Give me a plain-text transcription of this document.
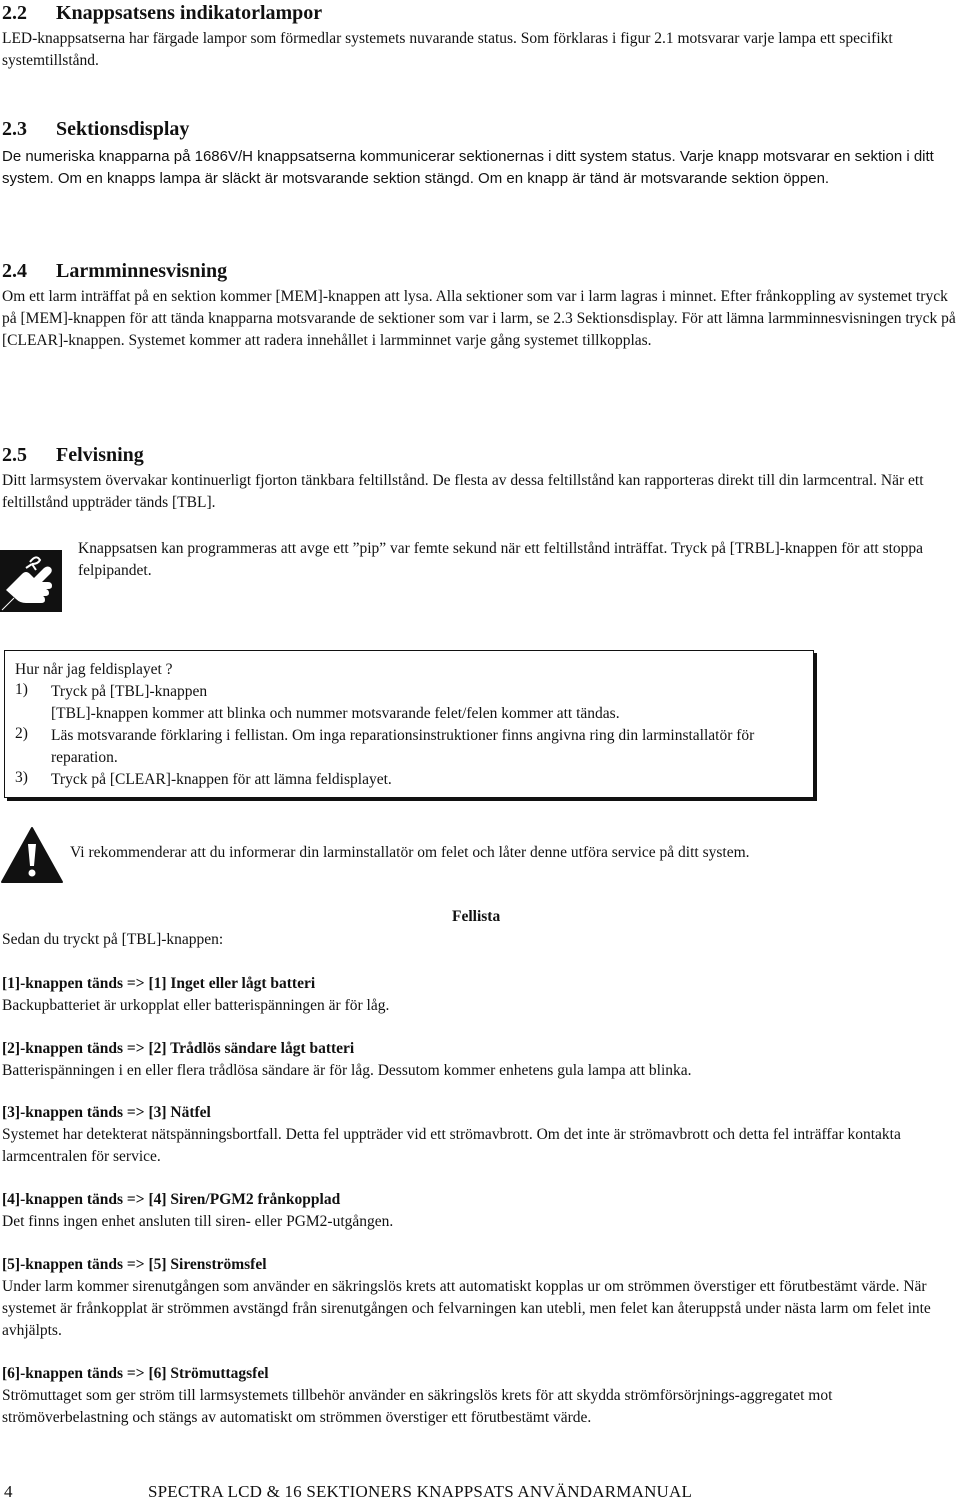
2.2 Knappsatsens indikatorlampor

LED-knappsatserna har färgade lampor som förmedlar systemets nuvarande status. Som förklaras i figur 2.1 motsvarar varje lampa ett specifikt systemtillstånd.

2.3 Sektionsdisplay

De numeriska knapparna på 1686V/H knappsatserna kommunicerar sektionernas i ditt system status. Varje knapp motsvarar en sektion i ditt system. Om en knapps lampa är släckt är motsvarande sektion stängd. Om en knapp är tänd är motsvarande sektion öppen.

2.4 Larmminnesvisning

Om ett larm inträffat på en sektion kommer [MEM]-knappen att lysa. Alla sektioner som var i larm lagras i minnet. Efter frånkoppling av systemet tryck på [MEM]-knappen för att tända knapparna motsvarande de sektioner som var i larm, se 2.3 Sektionsdisplay. För att lämna larmminnesvisningen tryck på [CLEAR]-knappen. Systemet kommer att radera innehållet i larmminnet varje gång systemet tillkopplas.

2.5 Felvisning

Ditt larmsystem övervakar kontinuerligt fjorton tänkbara feltillstånd. De flesta av dessa feltillstånd kan rapporteras direkt till din larmcentral. När ett feltillstånd uppträder tänds [TBL].

Knappsatsen kan programmeras att avge ett ”pip” var femte sekund när ett feltillstånd inträffat. Tryck på [TRBL]-knappen för att stoppa felpipandet.

Hur når jag feldisplayet ?

1)	Tryck på [TBL]-knappen

[TBL]-knappen kommer att blinka och nummer motsvarande felet/felen kommer att tändas.

2)	Läs motsvarande förklaring i fellistan. Om inga reparationsinstruktioner finns angivna ring din larminstallatör för reparation.

3)	Tryck på [CLEAR]-knappen för att lämna feldisplayet.

Vi rekommenderar att du informerar din larminstallatör om felet och låter denne utföra service på ditt system.

Fellista

Sedan du tryckt på [TBL]-knappen:

[1]-knappen tänds => [1] Inget eller lågt batteri

Backupbatteriet är urkopplat eller batterispänningen är för låg.

[2]-knappen tänds => [2] Trådlös sändare lågt batteri

Batterispänningen i en eller flera trådlösa sändare är för låg. Dessutom kommer enhetens gula lampa att blinka.

[3]-knappen tänds => [3] Nätfel

Systemet har detekterat nätspänningsbortfall. Detta fel uppträder vid ett strömavbrott. Om det inte är strömavbrott och detta fel inträffar kontakta larmcentralen för service.

[4]-knappen tänds => [4] Siren/PGM2 frånkopplad

Det finns ingen enhet ansluten till siren- eller PGM2-utgången.

[5]-knappen tänds => [5] Sirenströmsfel

Under larm kommer sirenutgången som använder en säkringslös krets att automatiskt kopplas ur om strömmen överstiger ett förutbestämt värde. När systemet är frånkopplat är strömmen avstängd från sirenutgången och felvarningen kan utebli, men felet kan återuppstå under nästa larm om felet inte avhjälpts.

[6]-knappen tänds => [6] Strömuttagsfel

Strömuttaget som ger ström till larmsystemets tillbehör använder en säkringslös krets för att skydda strömförsörjnings-aggregatet mot strömöverbelastning och stängs av automatiskt om strömmen överstiger ett förutbestämt värde.

4	SPECTRA LCD & 16 SEKTIONERS KNAPPSATS ANVÄNDARMANUAL
